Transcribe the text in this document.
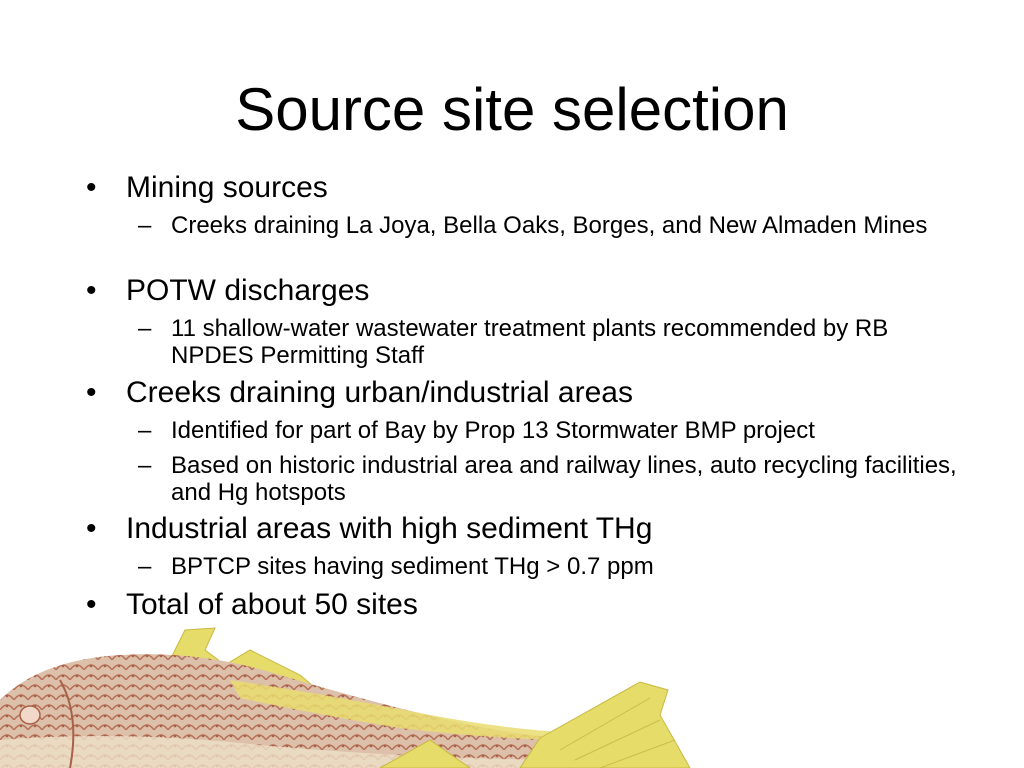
Source site selection
• Mining sources
– Creeks draining La Joya, Bella Oaks, Borges, and New Almaden Mines
• POTW discharges
– 11 shallow-water wastewater treatment plants recommended by RB NPDES Permitting Staff
• Creeks draining urban/industrial areas
– Identified for part of Bay by Prop 13 Stormwater BMP project
– Based on historic industrial area and railway lines, auto recycling facilities, and Hg hotspots
• Industrial areas with high sediment THg
– BPTCP sites having sediment THg > 0.7 ppm
• Total of about 50 sites
